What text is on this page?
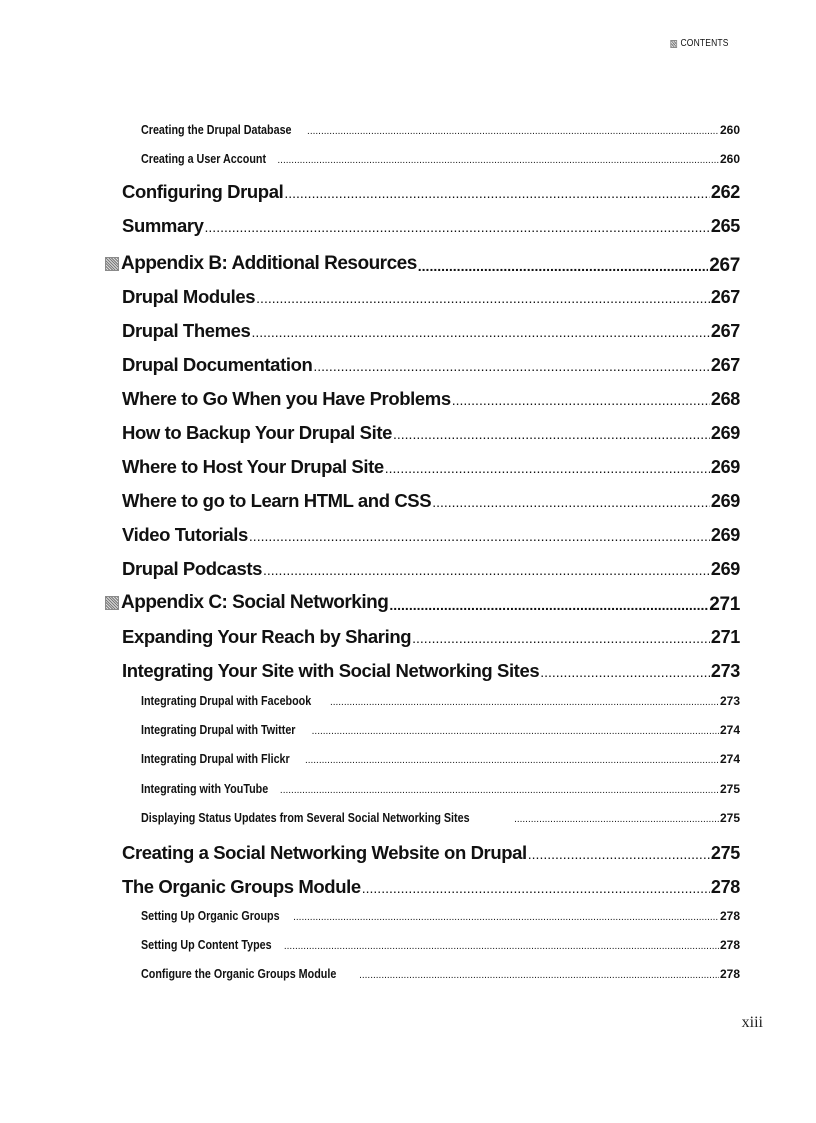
CONTENTS
Creating the Drupal Database .....	260
Creating a User Account .....	260
Configuring Drupal .....	262
Summary .....	265
Appendix B: Additional Resources .....	267
Drupal Modules .....	267
Drupal Themes .....	267
Drupal Documentation .....	267
Where to Go When you Have Problems .....	268
How to Backup Your Drupal Site .....	269
Where to Host Your Drupal Site .....	269
Where to go to Learn HTML and CSS .....	269
Video Tutorials .....	269
Drupal Podcasts .....	269
Appendix C: Social Networking .....	271
Expanding Your Reach by Sharing .....	271
Integrating Your Site with Social Networking Sites .....	273
Integrating Drupal with Facebook .....	273
Integrating Drupal with Twitter .....	274
Integrating Drupal with Flickr .....	274
Integrating with YouTube .....	275
Displaying Status Updates from Several Social Networking Sites .....	275
Creating a Social Networking Website on Drupal .....	275
The Organic Groups Module .....	278
Setting Up Organic Groups .....	278
Setting Up Content Types .....	278
Configure the Organic Groups Module .....	278
xiii
